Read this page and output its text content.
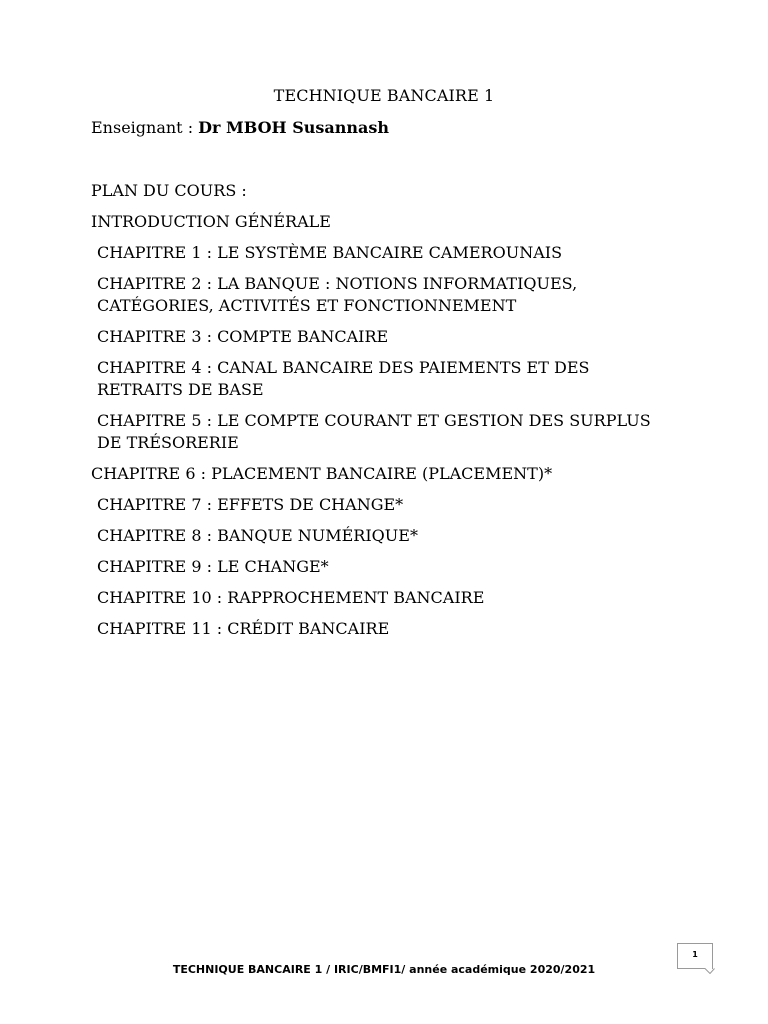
TECHNIQUE BANCAIRE 1
Enseignant : Dr MBOH Susannash
PLAN DU COURS :
INTRODUCTION GÉNÉRALE
CHAPITRE 1 : LE SYSTÈME BANCAIRE CAMEROUNAIS
CHAPITRE 2 : LA BANQUE : NOTIONS INFORMATIQUES, CATÉGORIES, ACTIVITÉS ET FONCTIONNEMENT
CHAPITRE 3 : COMPTE BANCAIRE
CHAPITRE 4 : CANAL BANCAIRE DES PAIEMENTS ET DES RETRAITS DE BASE
CHAPITRE 5 : LE COMPTE COURANT ET GESTION DES SURPLUS DE TRÉSORERIE
CHAPITRE 6 : PLACEMENT BANCAIRE (PLACEMENT)*
CHAPITRE 7 : EFFETS DE CHANGE*
CHAPITRE 8 : BANQUE NUMÉRIQUE*
CHAPITRE 9 : LE CHANGE*
CHAPITRE 10 : RAPPROCHEMENT BANCAIRE
CHAPITRE 11 : CRÉDIT BANCAIRE
1
TECHNIQUE BANCAIRE 1 / IRIC/BMFI1/ année académique 2020/2021
